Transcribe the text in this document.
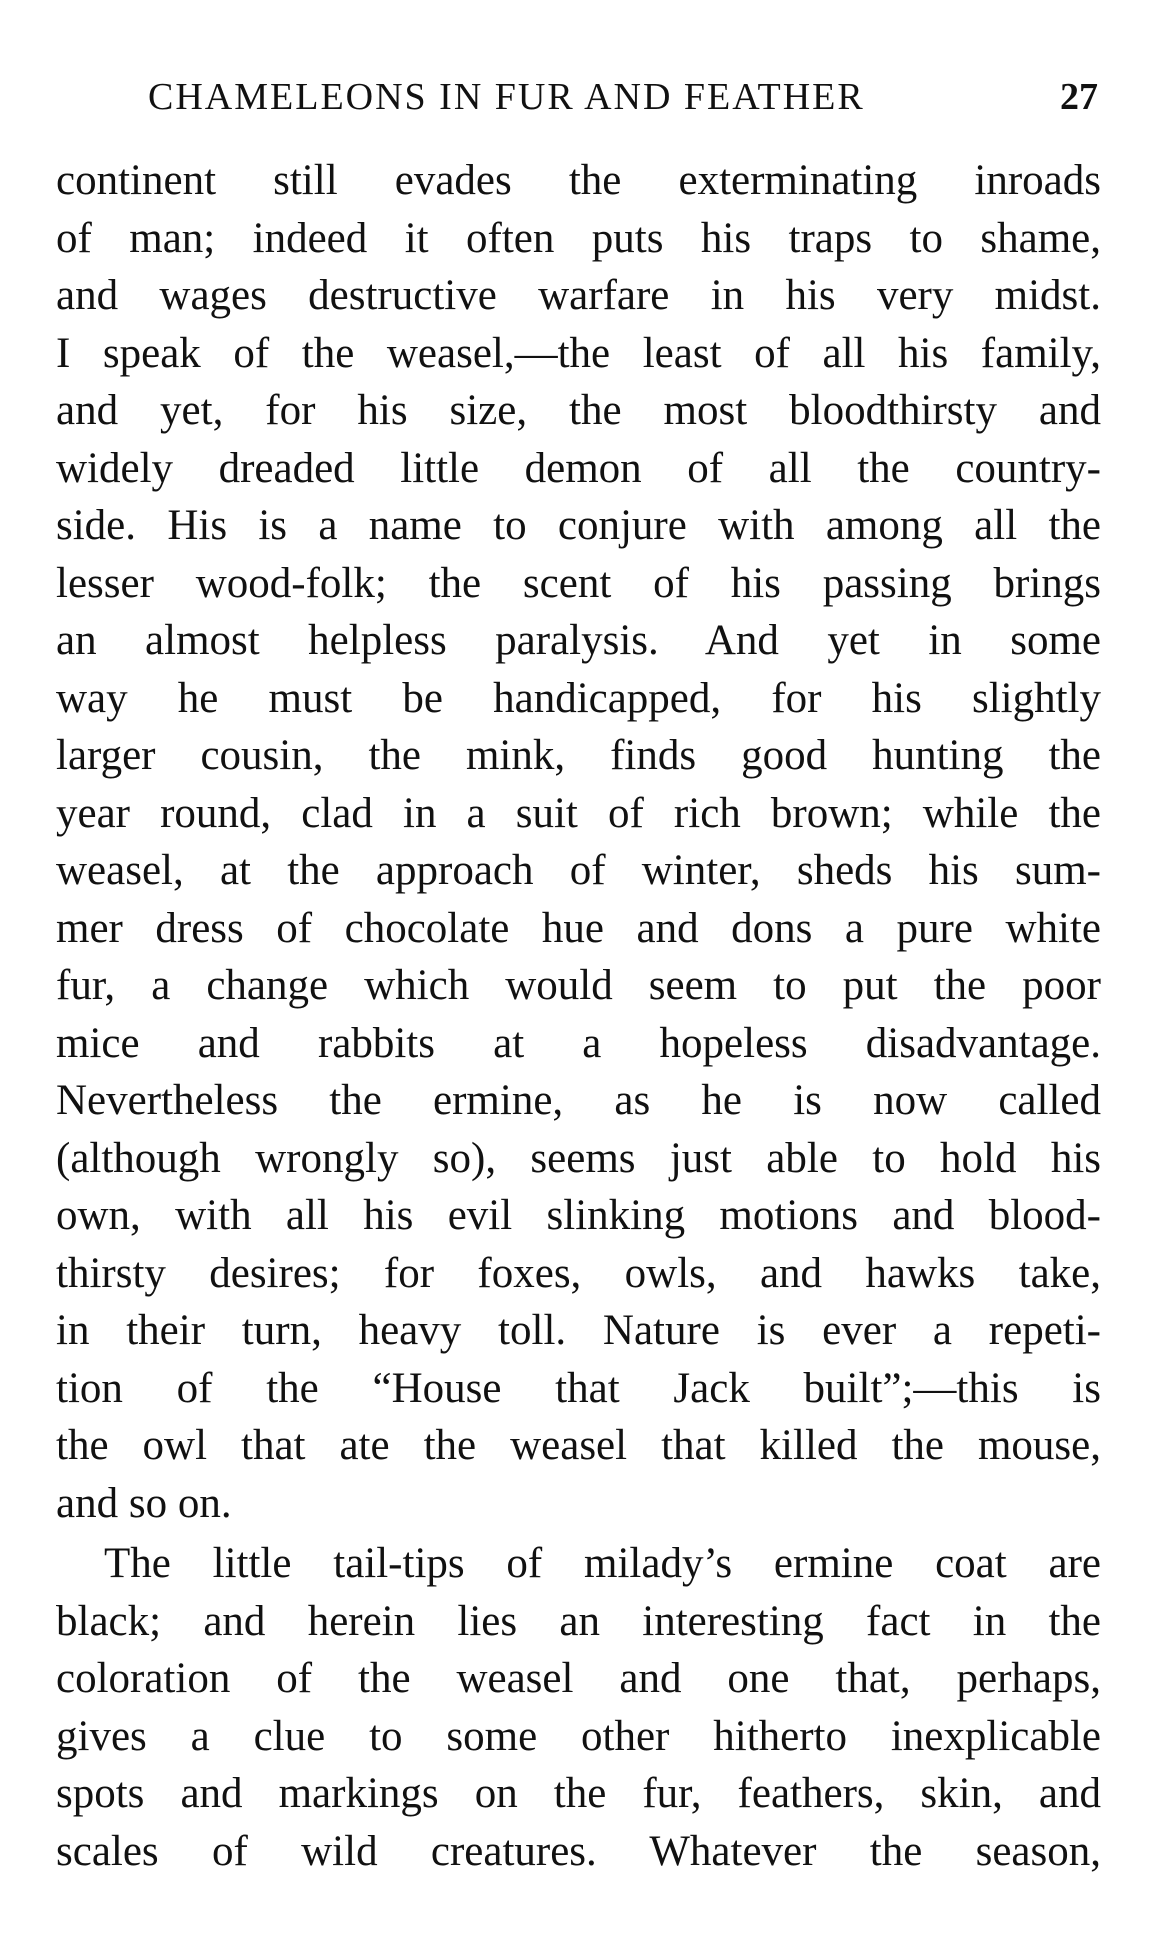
CHAMELEONS IN FUR AND FEATHER	27
continent still evades the exterminating inroads
of man; indeed it often puts his traps to shame,
and wages destructive warfare in his very midst.
I speak of the weasel,—the least of all his family,
and yet, for his size, the most bloodthirsty and
widely dreaded little demon of all the country-
side. His is a name to conjure with among all the
lesser wood-folk; the scent of his passing brings
an almost helpless paralysis. And yet in some
way he must be handicapped, for his slightly
larger cousin, the mink, finds good hunting the
year round, clad in a suit of rich brown; while the
weasel, at the approach of winter, sheds his sum-
mer dress of chocolate hue and dons a pure white
fur, a change which would seem to put the poor
mice and rabbits at a hopeless disadvantage.
Nevertheless the ermine, as he is now called
(although wrongly so), seems just able to hold his
own, with all his evil slinking motions and blood-
thirsty desires; for foxes, owls, and hawks take,
in their turn, heavy toll. Nature is ever a repeti-
tion of the “House that Jack built”;—this is
the owl that ate the weasel that killed the mouse,
and so on.
The little tail-tips of milady’s ermine coat are
black; and herein lies an interesting fact in the
coloration of the weasel and one that, perhaps,
gives a clue to some other hitherto inexplicable
spots and markings on the fur, feathers, skin, and
scales of wild creatures. Whatever the season,
